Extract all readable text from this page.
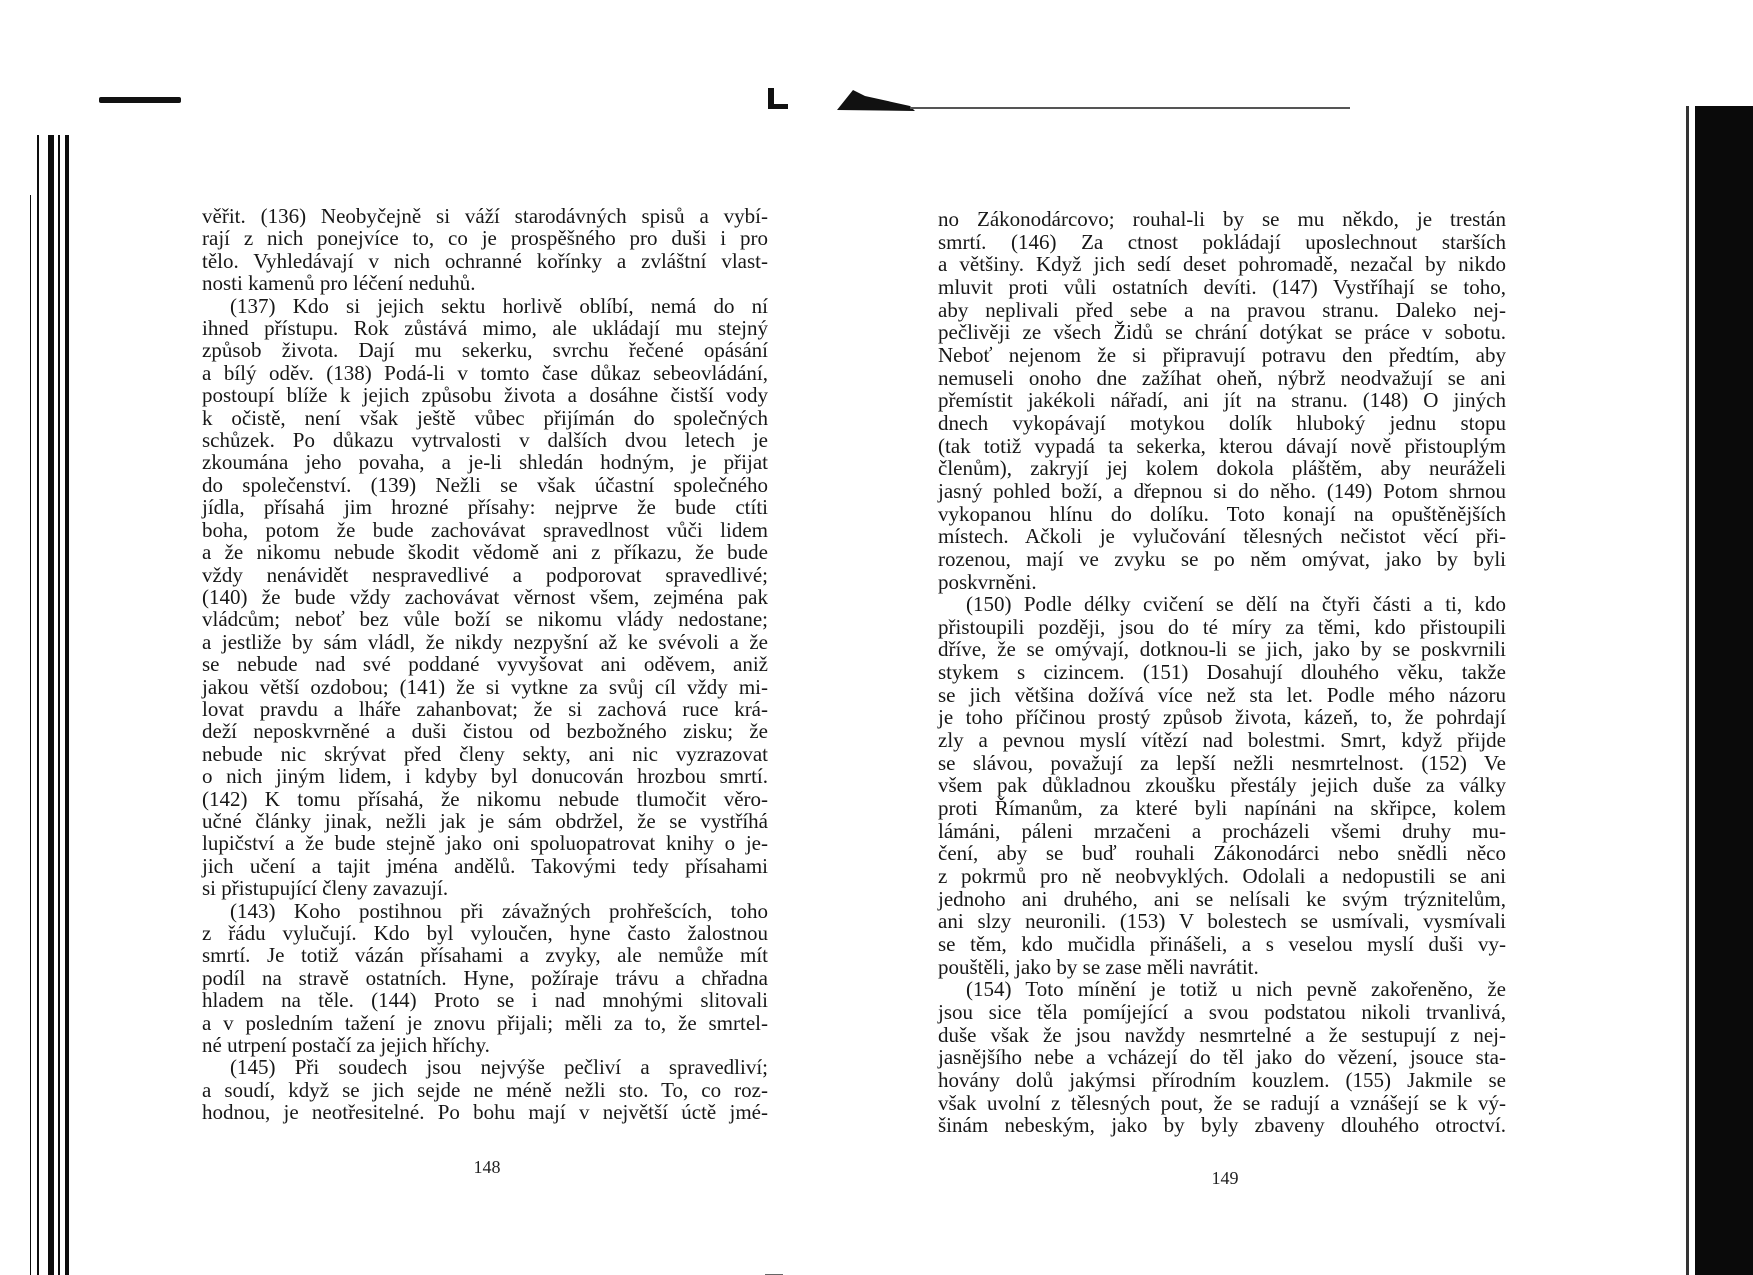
věřit. (136) Neobyčejně si váží starodávných spisů a vybí-
rají z nich ponejvíce to, co je prospěšného pro duši i pro
tělo. Vyhledávají v nich ochranné kořínky a zvláštní vlast-
nosti kamenů pro léčení neduhů.
(137) Kdo si jejich sektu horlivě oblíbí, nemá do ní
ihned přístupu. Rok zůstává mimo, ale ukládají mu stejný
způsob života. Dají mu sekerku, svrchu řečené opásání
a bílý oděv. (138) Podá-li v tomto čase důkaz sebeovládání,
postoupí blíže k jejich způsobu života a dosáhne čistší vody
k očistě, není však ještě vůbec přijímán do společných
schůzek. Po důkazu vytrvalosti v dalších dvou letech je
zkoumána jeho povaha, a je-li shledán hodným, je přijat
do společenství. (139) Nežli se však účastní společného
jídla, přísahá jim hrozné přísahy: nejprve že bude ctíti
boha, potom že bude zachovávat spravedlnost vůči lidem
a že nikomu nebude škodit vědomě ani z příkazu, že bude
vždy nenávidět nespravedlivé a podporovat spravedlivé;
(140) že bude vždy zachovávat věrnost všem, zejména pak
vládcům; neboť bez vůle boží se nikomu vlády nedostane;
a jestliže by sám vládl, že nikdy nezpyšní až ke svévoli a že
se nebude nad své poddané vyvyšovat ani oděvem, aniž
jakou větší ozdobou; (141) že si vytkne za svůj cíl vždy mi-
lovat pravdu a lháře zahanbovat; že si zachová ruce krá-
deží neposkvrněné a duši čistou od bezbožného zisku; že
nebude nic skrývat před členy sekty, ani nic vyzrazovat
o nich jiným lidem, i kdyby byl donucován hrozbou smrtí.
(142) K tomu přísahá, že nikomu nebude tlumočit věro-
učné články jinak, nežli jak je sám obdržel, že se vystříhá
lupičství a že bude stejně jako oni spoluopatrovat knihy o je-
jich učení a tajit jména andělů. Takovými tedy přísahami
si přistupující členy zavazují.
(143) Koho postihnou při závažných prohřešcích, toho
z řádu vylučují. Kdo byl vyloučen, hyne často žalostnou
smrtí. Je totiž vázán přísahami a zvyky, ale nemůže mít
podíl na stravě ostatních. Hyne, požíraje trávu a chřadna
hladem na těle. (144) Proto se i nad mnohými slitovali
a v posledním tažení je znovu přijali; měli za to, že smrtel-
né utrpení postačí za jejich hříchy.
(145) Při soudech jsou nejvýše pečliví a spravedliví;
a soudí, když se jich sejde ne méně nežli sto. To, co roz-
hodnou, je neotřesitelné. Po bohu mají v největší úctě jmé-
148
no Zákonodárcovo; rouhal-li by se mu někdo, je trestán
smrtí. (146) Za ctnost pokládají uposlechnout starších
a většiny. Když jich sedí deset pohromadě, nezačal by nikdo
mluvit proti vůli ostatních devíti. (147) Vystříhají se toho,
aby neplivali před sebe a na pravou stranu. Daleko nej-
pečlivěji ze všech Židů se chrání dotýkat se práce v sobotu.
Neboť nejenom že si připravují potravu den předtím, aby
nemuseli onoho dne zažíhat oheň, nýbrž neodvažují se ani
přemístit jakékoli nářadí, ani jít na stranu. (148) O jiných
dnech vykopávají motykou dolík hluboký jednu stopu
(tak totiž vypadá ta sekerka, kterou dávají nově přistouplým
členům), zakryjí jej kolem dokola pláštěm, aby neuráželi
jasný pohled boží, a dřepnou si do něho. (149) Potom shrnou
vykopanou hlínu do dolíku. Toto konají na opuštěnějších
místech. Ačkoli je vylučování tělesných nečistot věcí při-
rozenou, mají ve zvyku se po něm omývat, jako by byli
poskvrněni.
(150) Podle délky cvičení se dělí na čtyři části a ti, kdo
přistoupili později, jsou do té míry za těmi, kdo přistoupili
dříve, že se omývají, dotknou-li se jich, jako by se poskvrnili
stykem s cizincem. (151) Dosahují dlouhého věku, takže
se jich většina dožívá více než sta let. Podle mého názoru
je toho příčinou prostý způsob života, kázeň, to, že pohrdají
zly a pevnou myslí vítězí nad bolestmi. Smrt, když přijde
se slávou, považují za lepší nežli nesmrtelnost. (152) Ve
všem pak důkladnou zkoušku přestály jejich duše za války
proti Římanům, za které byli napínáni na skřipce, kolem
lámáni, páleni mrzačeni a procházeli všemi druhy mu-
čení, aby se buď rouhali Zákonodárci nebo snědli něco
z pokrmů pro ně neobvyklých. Odolali a nedopustili se ani
jednoho ani druhého, ani se nelísali ke svým trýznitelům,
ani slzy neuronili. (153) V bolestech se usmívali, vysmívali
se těm, kdo mučidla přinášeli, a s veselou myslí duši vy-
pouštěli, jako by se zase měli navrátit.
(154) Toto mínění je totiž u nich pevně zakořeněno, že
jsou sice těla pomíjející a svou podstatou nikoli trvanlivá,
duše však že jsou navždy nesmrtelné a že sestupují z nej-
jasnějšího nebe a vcházejí do těl jako do vězení, jsouce sta-
hovány dolů jakýmsi přírodním kouzlem. (155) Jakmile se
však uvolní z tělesných pout, že se radují a vznášejí se k vý-
šinám nebeským, jako by byly zbaveny dlouhého otroctví.
149
